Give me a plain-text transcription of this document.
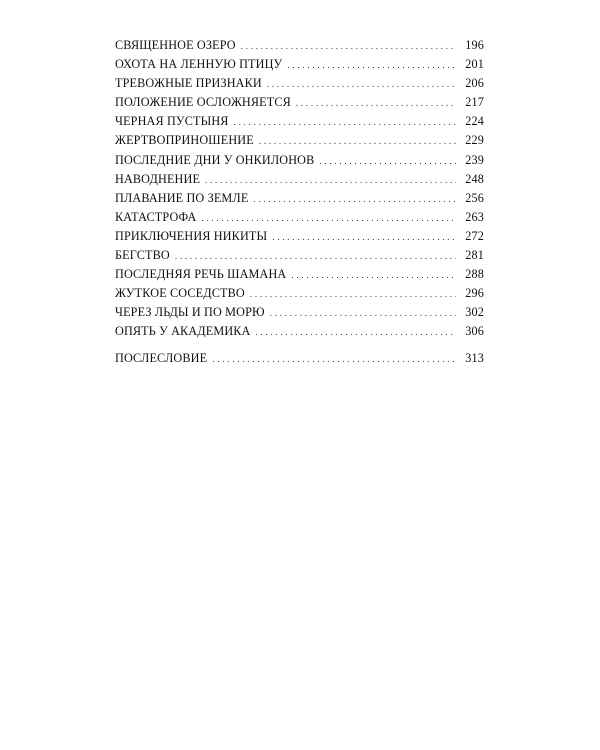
СВЯЩЕННОЕ ОЗЕРО . . .	196
ОХОТА НА ЛЕННУЮ ПТИЦУ . . .	201
ТРЕВОЖНЫЕ ПРИЗНАКИ . . .	206
ПОЛОЖЕНИЕ ОСЛОЖНЯЕТСЯ . . .	217
ЧЕРНАЯ ПУСТЫНЯ . . .	224
ЖЕРТВОПРИНОШЕНИЕ . . .	229
ПОСЛЕДНИЕ ДНИ У ОНКИЛОНОВ . . .	239
НАВОДНЕНИЕ . . .	248
ПЛАВАНИЕ ПО ЗЕМЛЕ . . .	256
КАТАСТРОФА . . .	263
ПРИКЛЮЧЕНИЯ НИКИТЫ . . .	272
БЕГСТВО . . .	281
ПОСЛЕДНЯЯ РЕЧЬ ШАМАНА . . .	288
ЖУТКОЕ СОСЕДСТВО . . .	296
ЧЕРЕЗ ЛЬДЫ И ПО МОРЮ . . .	302
ОПЯТЬ У АКАДЕМИКА . . .	306
ПОСЛЕСЛОВИЕ . . .	313
